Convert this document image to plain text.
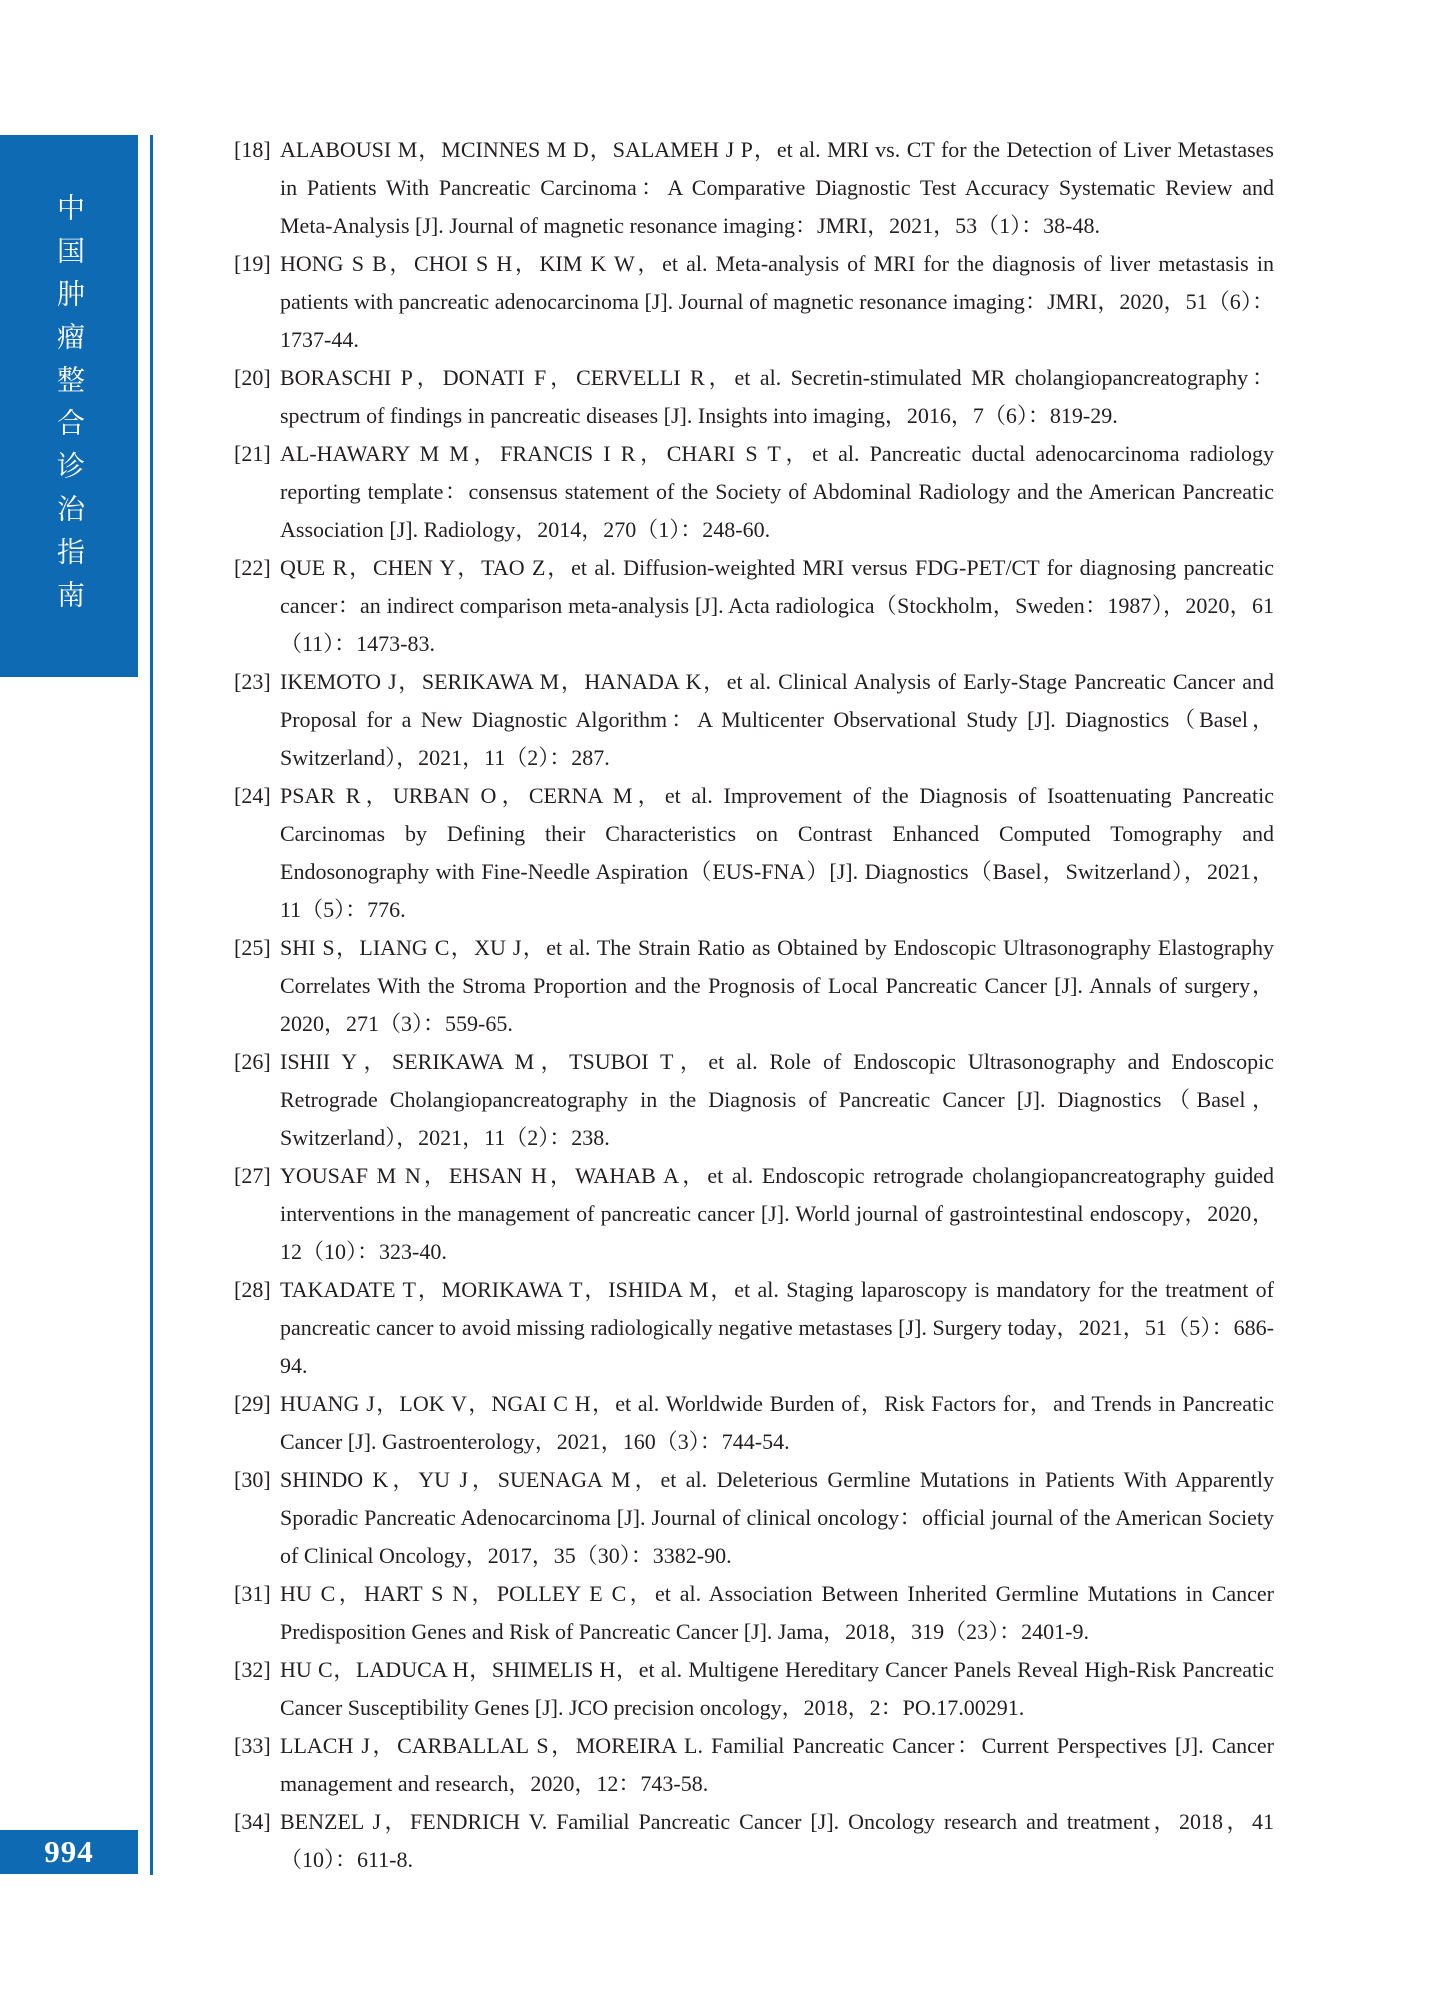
中国肿瘤整合诊治指南
994
[18] ALABOUSI M，MCINNES M D，SALAMEH J P，et al. MRI vs. CT for the Detection of Liver Metastases in Patients With Pancreatic Carcinoma：A Comparative Diagnostic Test Accuracy Systematic Review and Meta-Analysis [J]. Journal of magnetic resonance imaging：JMRI，2021，53（1）：38-48.
[19] HONG S B，CHOI S H，KIM K W，et al. Meta-analysis of MRI for the diagnosis of liver metastasis in patients with pancreatic adenocarcinoma [J]. Journal of magnetic resonance imaging：JMRI，2020，51（6）：1737-44.
[20] BORASCHI P，DONATI F，CERVELLI R，et al. Secretin-stimulated MR cholangiopancreatography：spectrum of findings in pancreatic diseases [J]. Insights into imaging，2016，7（6）：819-29.
[21] AL-HAWARY M M，FRANCIS I R，CHARI S T，et al. Pancreatic ductal adenocarcinoma radiology reporting template：consensus statement of the Society of Abdominal Radiology and the American Pancreatic Association [J]. Radiology，2014，270（1）：248-60.
[22] QUE R，CHEN Y，TAO Z，et al. Diffusion-weighted MRI versus FDG-PET/CT for diagnosing pancreatic cancer：an indirect comparison meta-analysis [J]. Acta radiologica（Stockholm，Sweden：1987），2020，61（11）：1473-83.
[23] IKEMOTO J，SERIKAWA M，HANADA K，et al. Clinical Analysis of Early-Stage Pancreatic Cancer and Proposal for a New Diagnostic Algorithm：A Multicenter Observational Study [J]. Diagnostics（Basel，Switzerland），2021，11（2）：287.
[24] PSAR R，URBAN O，CERNA M，et al. Improvement of the Diagnosis of Isoattenuating Pancreatic Carcinomas by Defining their Characteristics on Contrast Enhanced Computed Tomography and Endosonography with Fine-Needle Aspiration（EUS-FNA）[J]. Diagnostics（Basel，Switzerland），2021，11（5）：776.
[25] SHI S，LIANG C，XU J，et al. The Strain Ratio as Obtained by Endoscopic Ultrasonography Elastography Correlates With the Stroma Proportion and the Prognosis of Local Pancreatic Cancer [J]. Annals of surgery，2020，271（3）：559-65.
[26] ISHII Y，SERIKAWA M，TSUBOI T，et al. Role of Endoscopic Ultrasonography and Endoscopic Retrograde Cholangiopancreatography in the Diagnosis of Pancreatic Cancer [J]. Diagnostics（Basel，Switzerland），2021，11（2）：238.
[27] YOUSAF M N，EHSAN H，WAHAB A，et al. Endoscopic retrograde cholangiopancreatography guided interventions in the management of pancreatic cancer [J]. World journal of gastrointestinal endoscopy，2020，12（10）：323-40.
[28] TAKADATE T，MORIKAWA T，ISHIDA M，et al. Staging laparoscopy is mandatory for the treatment of pancreatic cancer to avoid missing radiologically negative metastases [J]. Surgery today，2021，51（5）：686-94.
[29] HUANG J，LOK V，NGAI C H，et al. Worldwide Burden of，Risk Factors for，and Trends in Pancreatic Cancer [J]. Gastroenterology，2021，160（3）：744-54.
[30] SHINDO K，YU J，SUENAGA M，et al. Deleterious Germline Mutations in Patients With Apparently Sporadic Pancreatic Adenocarcinoma [J]. Journal of clinical oncology：official journal of the American Society of Clinical Oncology，2017，35（30）：3382-90.
[31] HU C，HART S N，POLLEY E C，et al. Association Between Inherited Germline Mutations in Cancer Predisposition Genes and Risk of Pancreatic Cancer [J]. Jama，2018，319（23）：2401-9.
[32] HU C，LADUCA H，SHIMELIS H，et al. Multigene Hereditary Cancer Panels Reveal High-Risk Pancreatic Cancer Susceptibility Genes [J]. JCO precision oncology，2018，2：PO.17.00291.
[33] LLACH J，CARBALLAL S，MOREIRA L. Familial Pancreatic Cancer：Current Perspectives [J]. Cancer management and research，2020，12：743-58.
[34] BENZEL J，FENDRICH V. Familial Pancreatic Cancer [J]. Oncology research and treatment，2018，41（10）：611-8.
